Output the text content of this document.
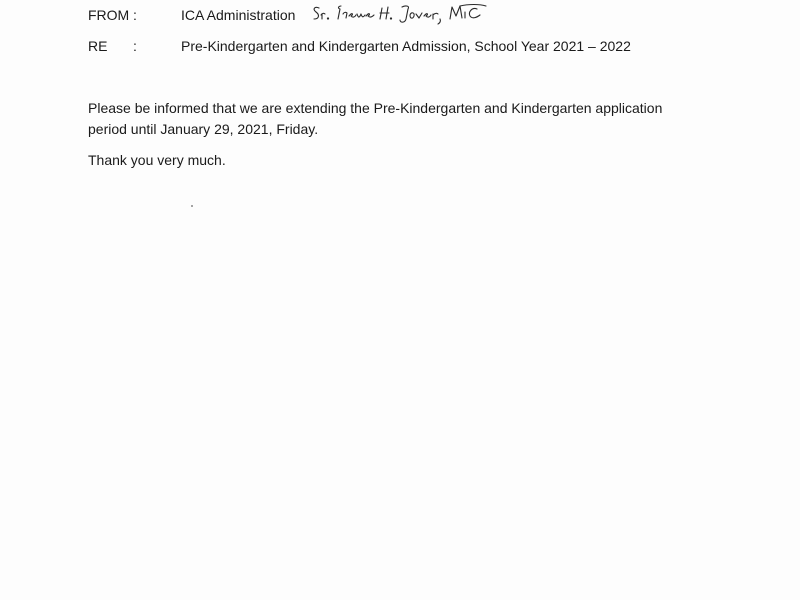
FROM :	ICA Administration
RE :	Pre-Kindergarten and Kindergarten Admission, School Year 2021 – 2022

Please be informed that we are extending the Pre-Kindergarten and Kindergarten application

period until January 29, 2021, Friday.

Thank you very much.
